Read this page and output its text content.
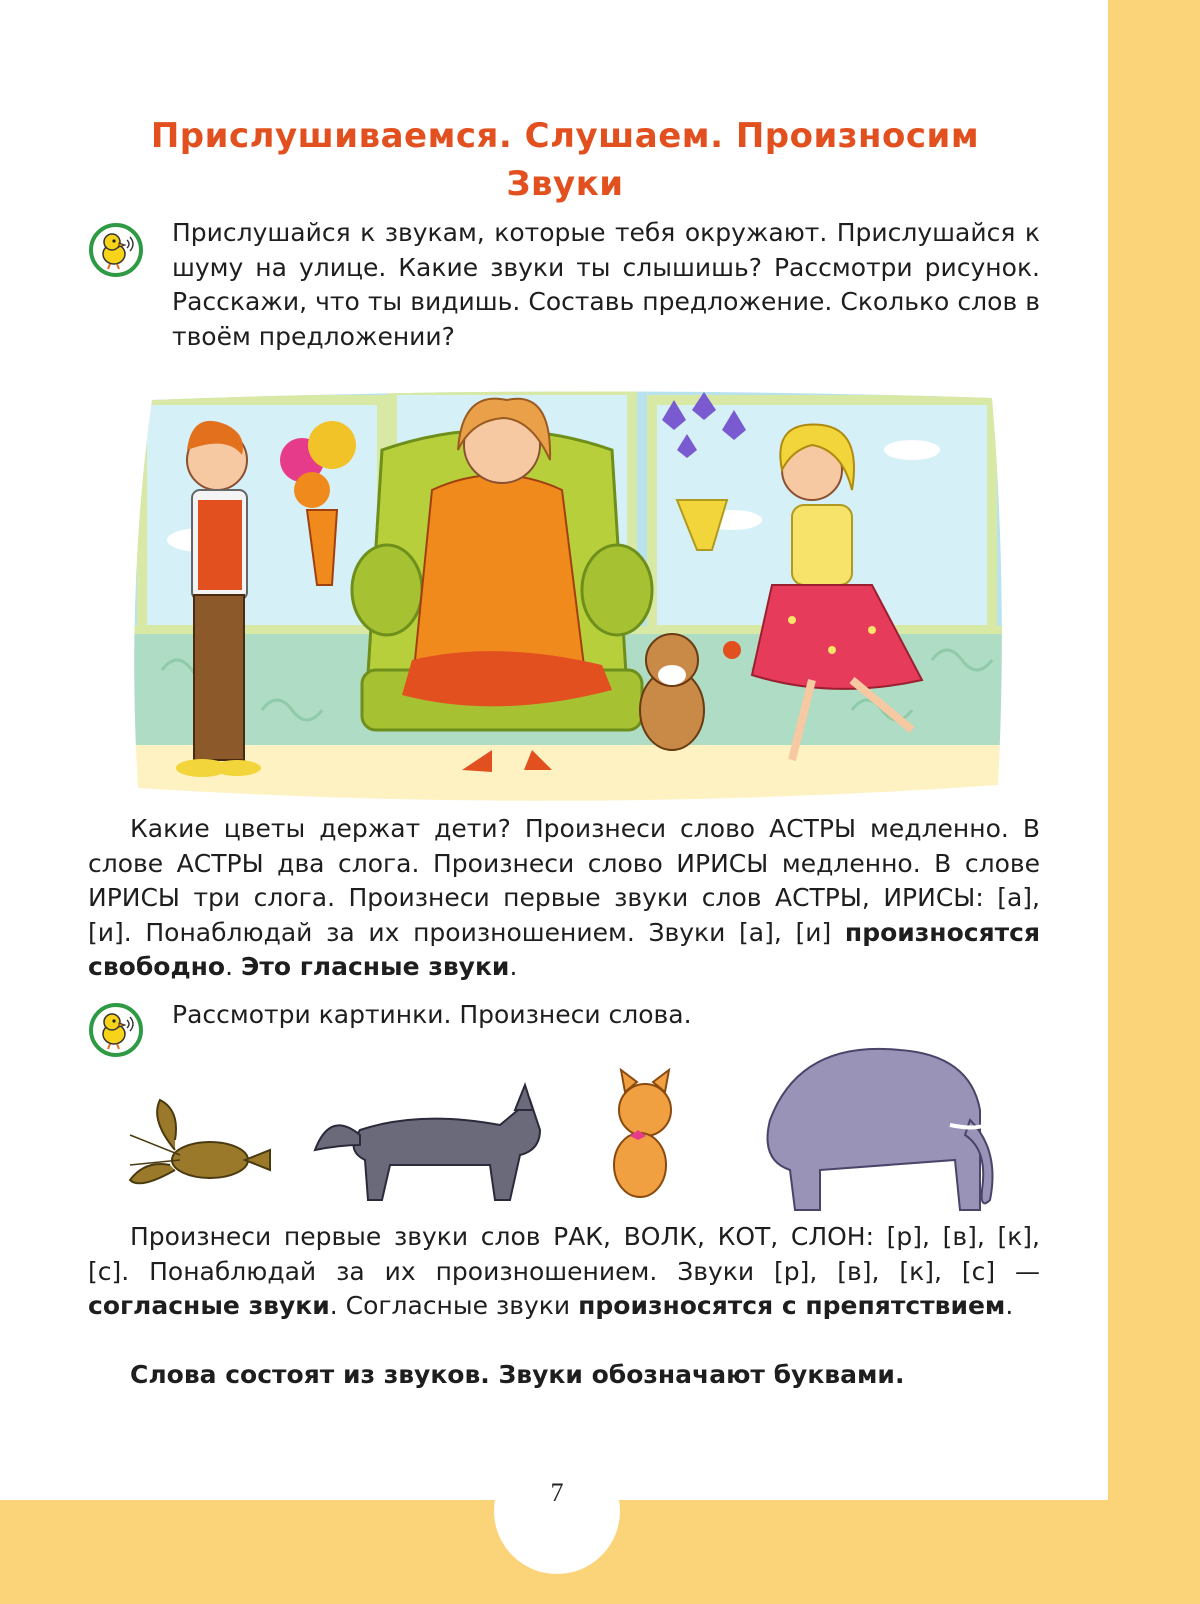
Прислушиваемся. Слушаем. Произносим
Звуки
Прислушайся к звукам, которые тебя окружают. Прислушайся к шуму на улице. Какие звуки ты слышишь? Рассмотри рисунок. Расскажи, что ты видишь. Составь предложение. Сколько слов в твоём предложении?
Какие цветы держат дети? Произнеси слово АСТРЫ медленно. В слове АСТРЫ два слога. Произнеси слово ИРИСЫ медленно. В слове ИРИСЫ три слога. Произнеси первые звуки слов АСТРЫ, ИРИСЫ: [а], [и]. Понаблюдай за их произношением. Звуки [а], [и] произносятся свободно. Это гласные звуки.
Рассмотри картинки. Произнеси слова.
Произнеси первые звуки слов РАК, ВОЛК, КОТ, СЛОН: [р], [в], [к], [с]. Понаблюдай за их произношением. Звуки [р], [в], [к], [с] — согласные звуки. Согласные звуки произносятся с препятствием.
Слова состоят из звуков. Звуки обозначают буквами.
7
